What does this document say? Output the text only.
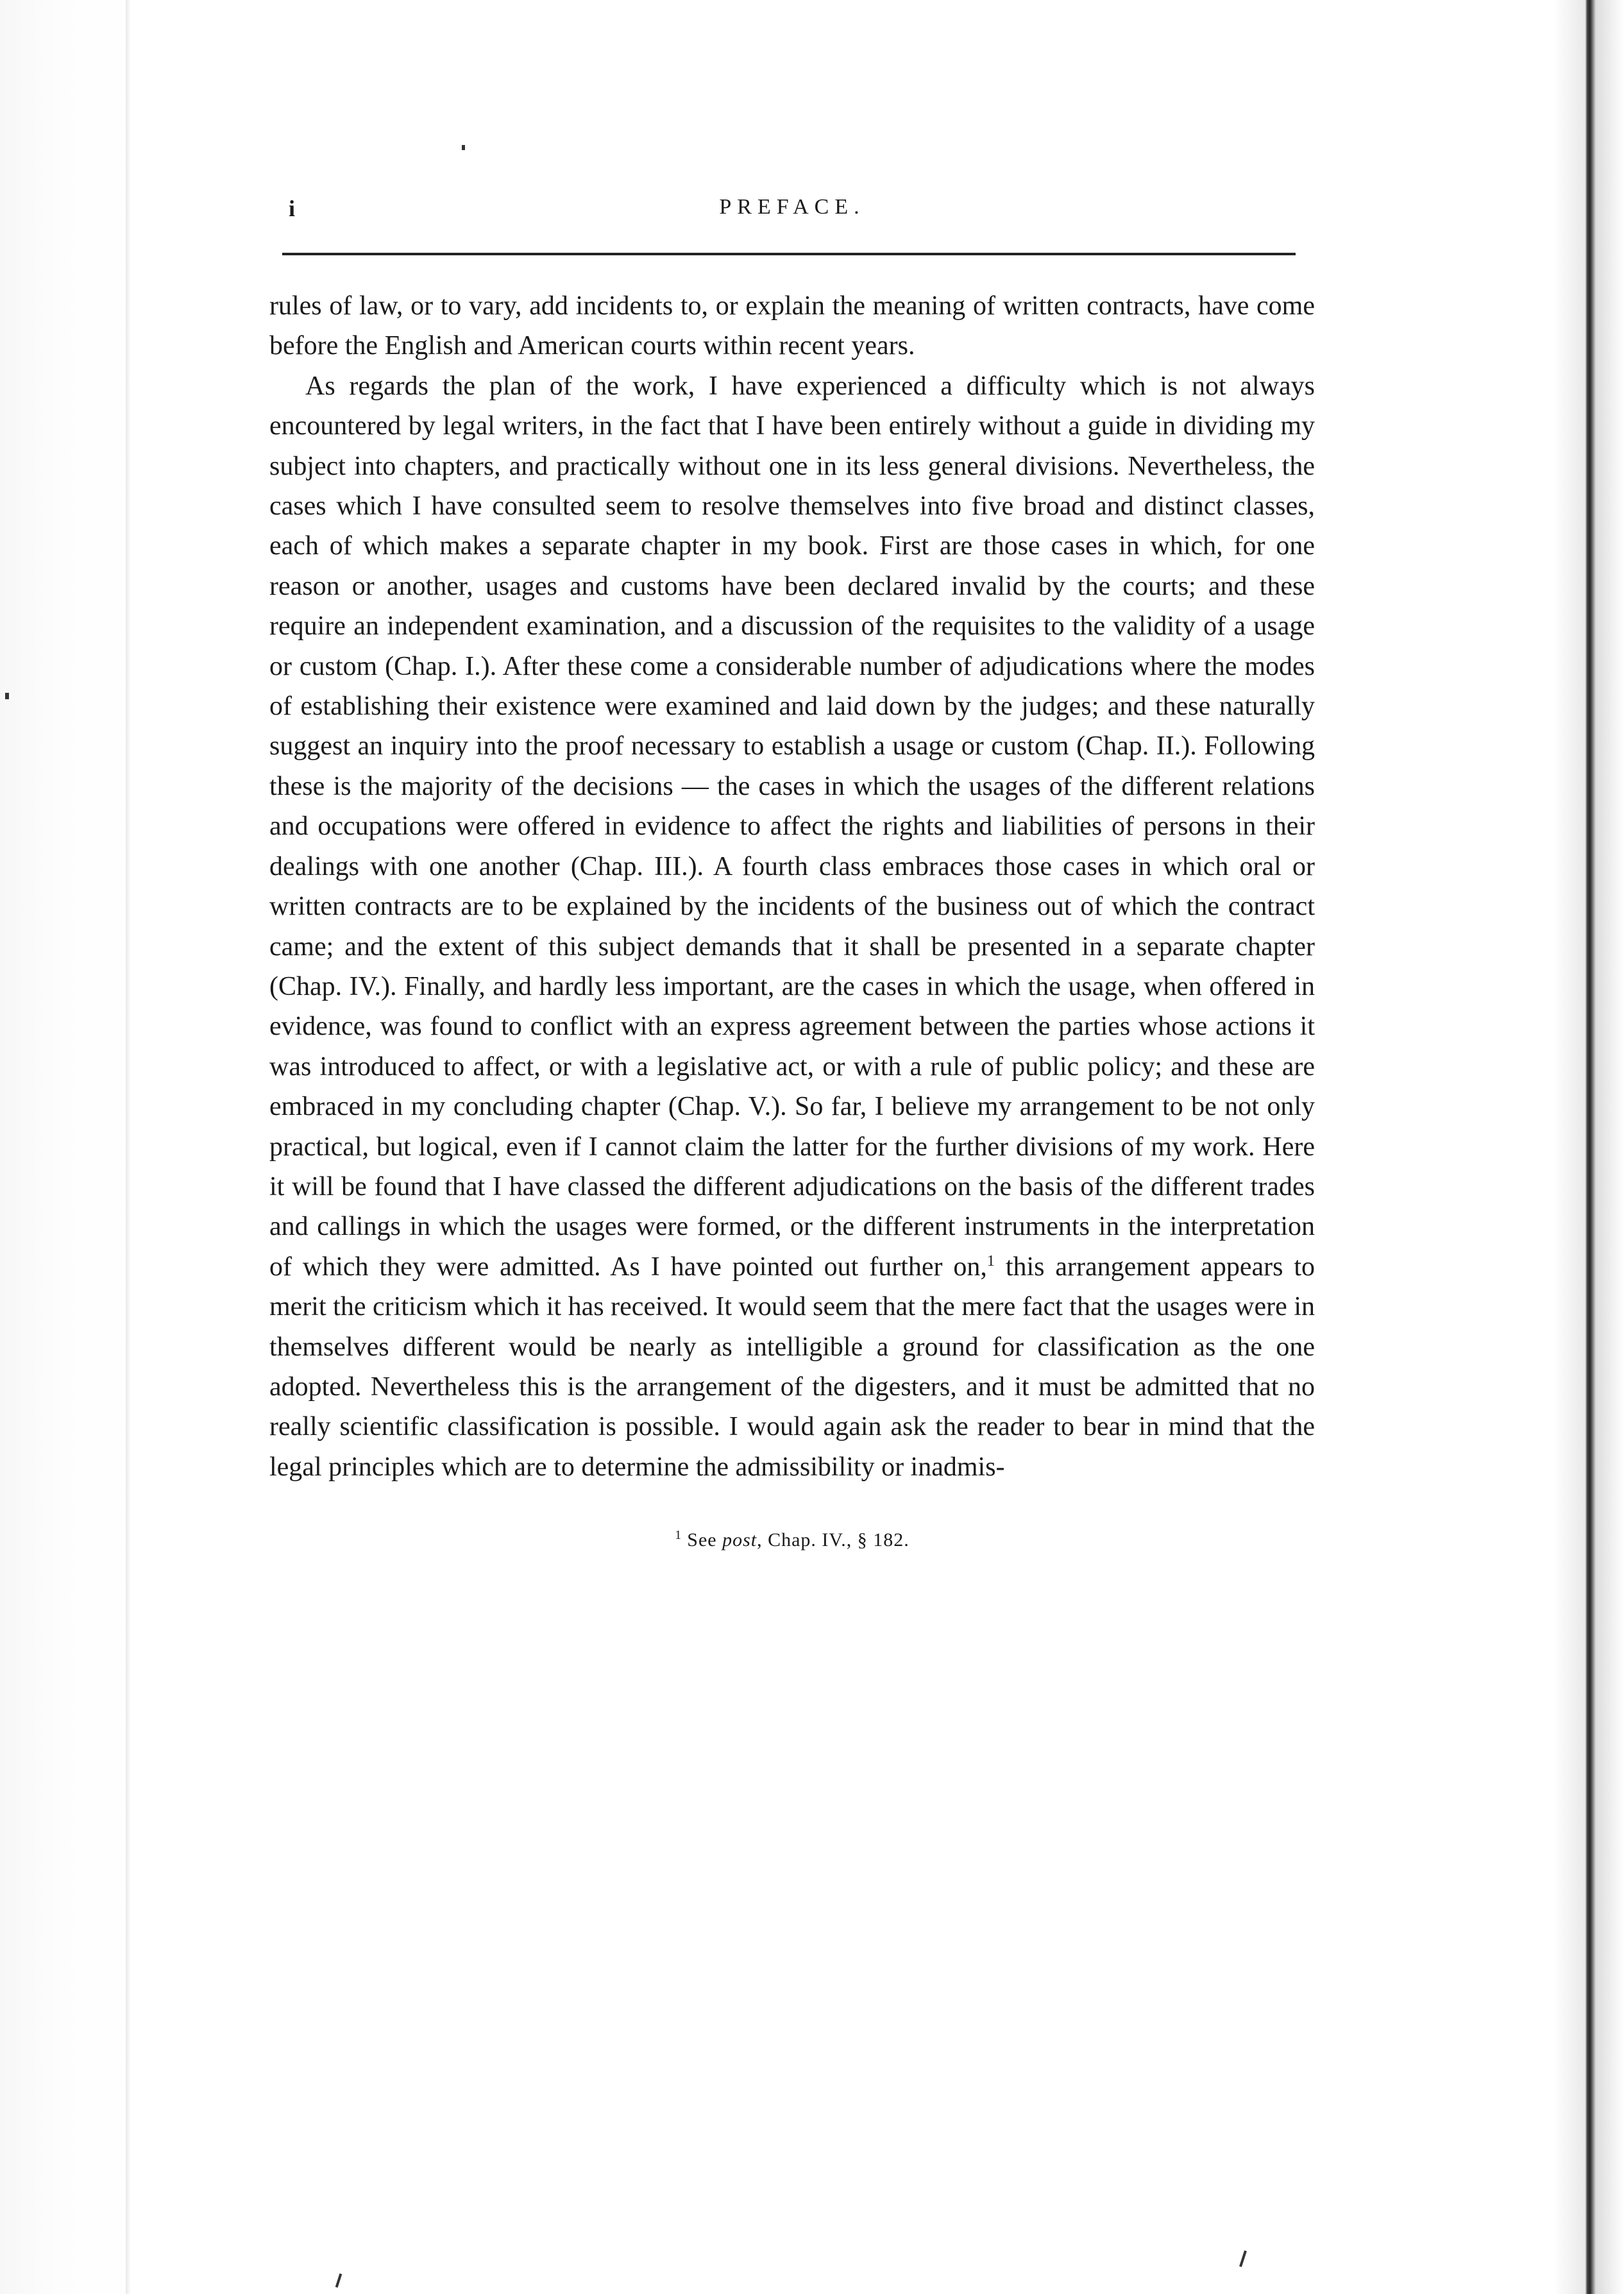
i	PREFACE.

rules of law, or to vary, add incidents to, or explain the meaning of written contracts, have come before the English and American courts within recent years.

As regards the plan of the work, I have experienced a difficulty which is not always encountered by legal writers, in the fact that I have been entirely without a guide in dividing my subject into chapters, and practically without one in its less general divisions. Nevertheless, the cases which I have consulted seem to resolve themselves into five broad and distinct classes, each of which makes a separate chapter in my book. First are those cases in which, for one reason or another, usages and customs have been declared invalid by the courts; and these require an independent examination, and a discussion of the requisites to the validity of a usage or custom (Chap. I.). After these come a considerable number of adjudications where the modes of establishing their existence were examined and laid down by the judges; and these naturally suggest an inquiry into the proof necessary to establish a usage or custom (Chap. II.). Following these is the majority of the decisions — the cases in which the usages of the different relations and occupations were offered in evidence to affect the rights and liabilities of persons in their dealings with one another (Chap. III.). A fourth class embraces those cases in which oral or written contracts are to be explained by the incidents of the business out of which the contract came; and the extent of this subject demands that it shall be presented in a separate chapter (Chap. IV.). Finally, and hardly less important, are the cases in which the usage, when offered in evidence, was found to conflict with an express agreement between the parties whose actions it was introduced to affect, or with a legislative act, or with a rule of public policy; and these are embraced in my concluding chapter (Chap. V.). So far, I believe my arrangement to be not only practical, but logical, even if I cannot claim the latter for the further divisions of my work. Here it will be found that I have classed the different adjudications on the basis of the different trades and callings in which the usages were formed, or the different instruments in the interpretation of which they were admitted. As I have pointed out further on,$^1$ this arrangement appears to merit the criticism which it has received. It would seem that the mere fact that the usages were in themselves different would be nearly as intelligible a ground for classification as the one adopted. Nevertheless this is the arrangement of the digesters, and it must be admitted that no really scientific classification is possible. I would again ask the reader to bear in mind that the legal principles which are to determine the admissibility or inadmis-

$^1$ See post, Chap. IV., § 182.
